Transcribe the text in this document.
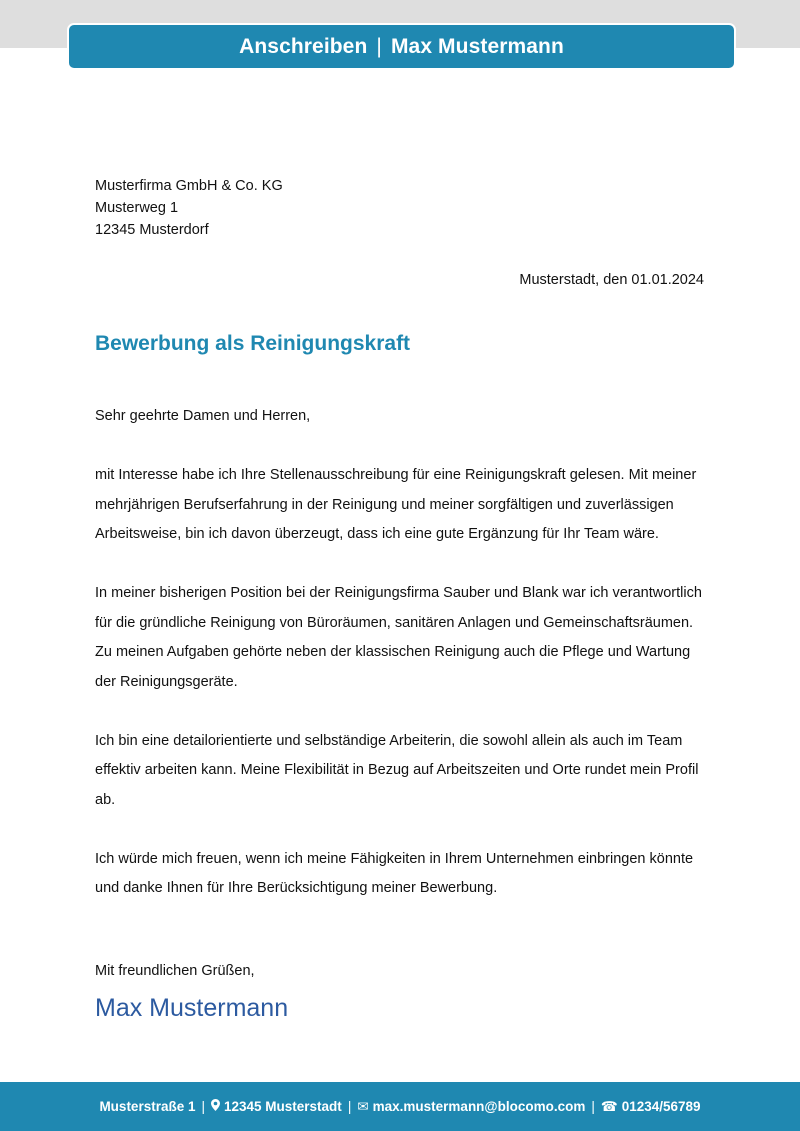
Anschreiben | Max Mustermann
Musterfirma GmbH & Co. KG
Musterweg 1
12345 Musterdorf
Musterstadt, den 01.01.2024
Bewerbung als Reinigungskraft

Sehr geehrte Damen und Herren,

mit Interesse habe ich Ihre Stellenausschreibung für eine Reinigungskraft gelesen. Mit meiner mehrjährigen Berufserfahrung in der Reinigung und meiner sorgfältigen und zuverlässigen Arbeitsweise, bin ich davon überzeugt, dass ich eine gute Ergänzung für Ihr Team wäre.

In meiner bisherigen Position bei der Reinigungsfirma Sauber und Blank war ich verantwortlich für die gründliche Reinigung von Büroräumen, sanitären Anlagen und Gemeinschaftsräumen. Zu meinen Aufgaben gehörte neben der klassischen Reinigung auch die Pflege und Wartung der Reinigungsgeräte.

Ich bin eine detailorientierte und selbständige Arbeiterin, die sowohl allein als auch im Team effektiv arbeiten kann. Meine Flexibilität in Bezug auf Arbeitszeiten und Orte rundet mein Profil ab.

Ich würde mich freuen, wenn ich meine Fähigkeiten in Ihrem Unternehmen einbringen könnte und danke Ihnen für Ihre Berücksichtigung meiner Bewerbung.

Mit freundlichen Grüßen,
Max Mustermann
Musterstraße 1 | 12345 Musterstadt | ✉ max.mustermann@blocomo.com | ☎ 01234/56789
